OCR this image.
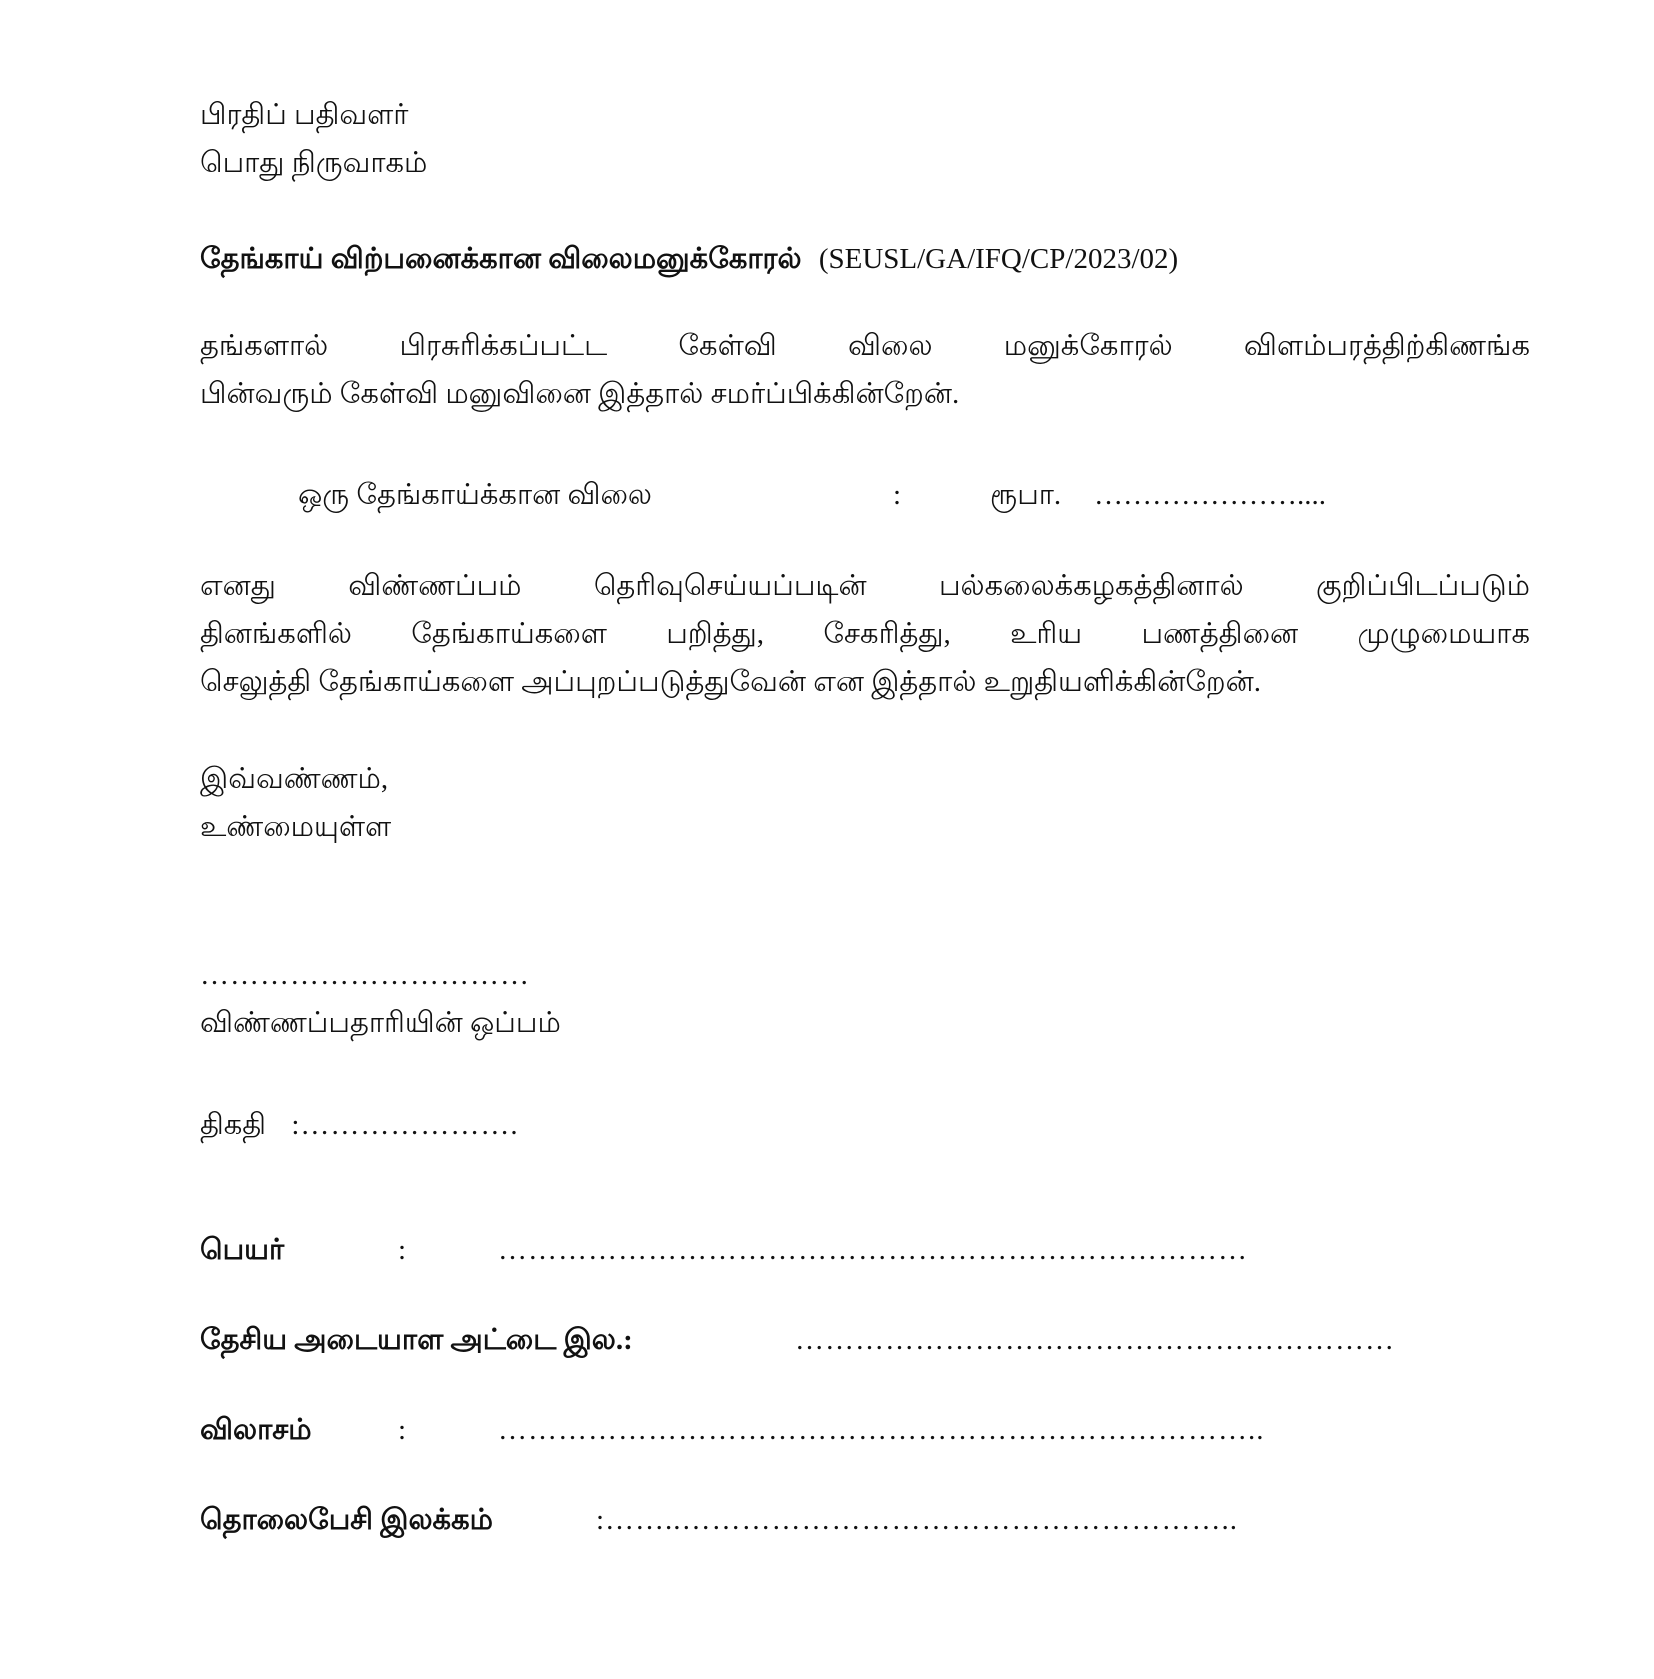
பிரதிப் பதிவளர்
பொது நிருவாகம்
தேங்காய் விற்பனைக்கான விலைமனுக்கோரல் (SEUSL/GA/IFQ/CP/2023/02)
தங்களால் பிரசுரிக்கப்பட்ட கேள்வி விலை மனுக்கோரல் விளம்பரத்திற்கிணங்க
பின்வரும் கேள்வி மனுவினை இத்தால் சமர்ப்பிக்கின்றேன்.
ஒரு தேங்காய்க்கான விலை	:	ரூபா. …………………....
எனது விண்ணப்பம் தெரிவுசெய்யப்படின் பல்கலைக்கழகத்தினால் குறிப்பிடப்படும்
தினங்களில் தேங்காய்களை பறித்து, சேகரித்து, உரிய பணத்தினை முழுமையாக
செலுத்தி தேங்காய்களை அப்புறப்படுத்துவேன் என இத்தால் உறுதியளிக்கின்றேன்.
இவ்வண்ணம்,
உண்மையுள்ள
……………………………
விண்ணப்பதாரியின் ஒப்பம்
திகதி :………………….
பெயர்	:	…………………………………………………………………
தேசிய அடையாள அட்டை இல.:	……………………………………………………
விலாசம்	:	…………………………………………………………………..
தொலைபேசி இலக்கம்	:……..………………………………………………..
